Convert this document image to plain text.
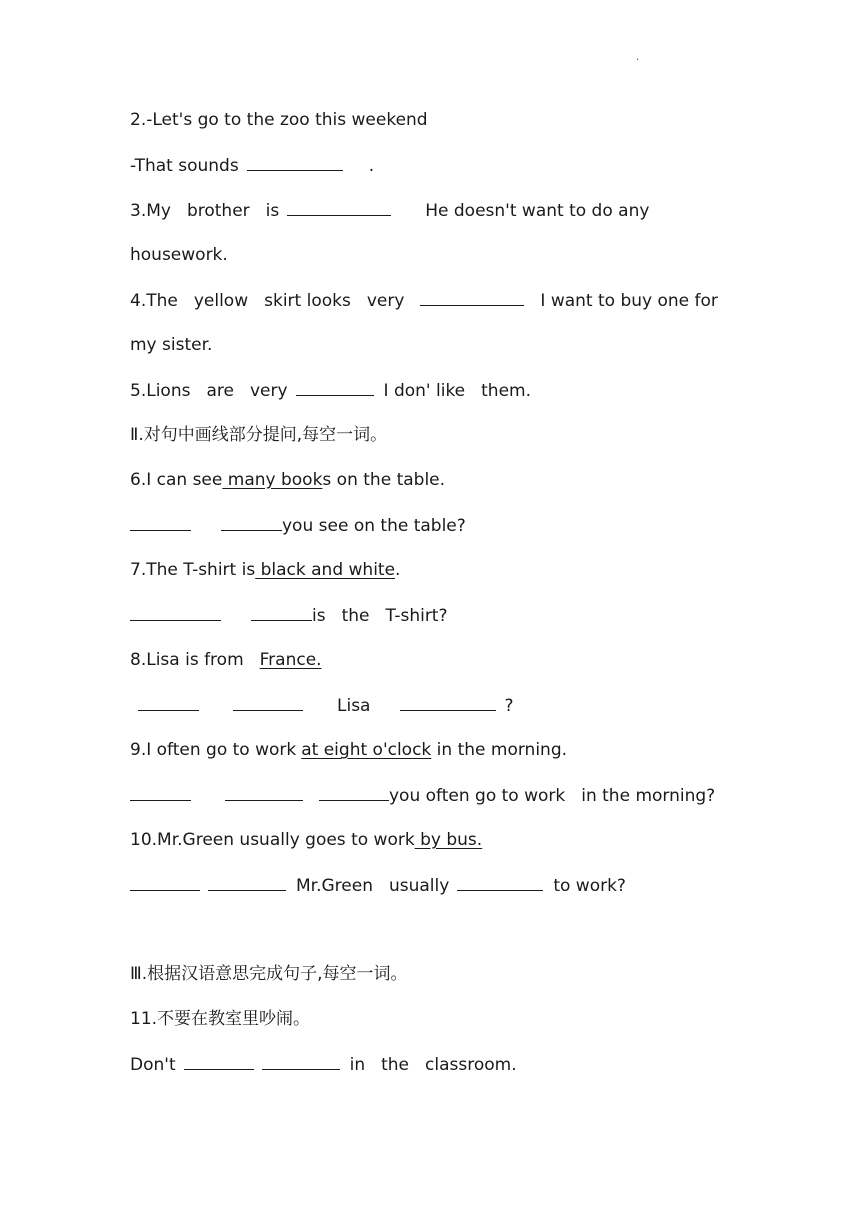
.
2.-Let's go to the zoo this weekend
-That sounds	.
3.My brother is	He doesn't want to do any
housework.
4.The yellow skirt looks very	I want to buy one for
my sister.
5.Lions are very	I don' like them.
Ⅱ.对句中画线部分提问,每空一词。
6.I can see many books on the table.
you see on the table?
7.The T-shirt is black and white.
is the T-shirt?
8.Lisa is from France.
Lisa	?
9.I often go to work at eight o'clock in the morning.
you often go to work in the morning?
10.Mr.Green usually goes to work by bus.
Mr.Green usually	to work?
Ⅲ.根据汉语意思完成句子,每空一词。
11.不要在教室里吵闹。
Don't	in the classroom.
